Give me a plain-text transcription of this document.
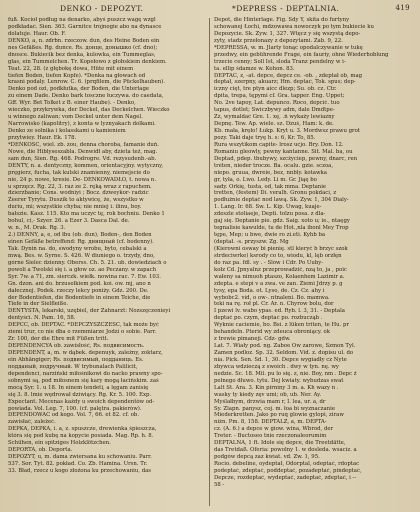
DENKO - DEPOZYT.	*DEPRESS - DEPTALNIA.	419

fuß. Kocioł podług na denarko, abyś puszcz wagę wzgl

podkładać. Sien. 363. Garnitce trojnogie abo na dynasce

dolatuje. Haur. Ob. F.

DENKO, a, n. zdrbn. rzeczow. dun, des Heine Boden ein

nes Gefäßes. Rg. dunce. Rs. донце, донышко (cf. dno);

dnosce. Bukiecik bez denka, kulowka, ein Tummeglas,

glas, ein Tummelchen. Tr. Kopełowo z głobskiem denkiem.

Teat. 22, 28. (z głębokę dowa, Hüte mit einem

tiefen Boden, tiefen Kopfe). *Denka na głowach od

krasni podaly. Lenrow. C. 6. (prqfilem, die Pückelhauben).

Denko pod ozi, podkłutka, der Boden, die Unterlage

zu einem Dade. Denko bark tosczne łuczywa. do caedata,

Gff. Wyr. Bet Tolket z B. einer Haube). - Denko,

wieczko, przykrywka, der Deckel, das Deckelchen. Wieczko

u winnego zaliwan; vom Deckel unter dem Nagel.

Narrowisko (kapolitry), z konta w lyznyakach dolkami.

Denko ze solnika i kolasskami u kamieniem

przytwiey. Haur. Ek. 178.

*DENKOSĆ, wiel. zb. zou, denna choroba, famanie duń.

Nowe, die Hiblyseszabla. Denwidł aby, dzieta też, mag.

sam dun, Sien. Rg. 468. Podrogre. Vd. rezysudenb.-ab.

DENTY, n. a. dentyczny, kommen, orientacyjny. wytyczny,

pręgierz, fucha, tak kulski znamienny, niemejscie do

nie, 24 p. nowe, kresie. De- DENKOWADŁO, t. nowa n.

u sprzęcz. Rg. 22, 3. raz ze 2. ręką wraz z rapuchem.

dzierzbanie; Cons. wodniyi ; Bocz. dzweykor- radzic

Zeerer Tyrytu. Duszik to aktywicę, że, wszystko w

duriu, mi; wszystkie chyba; nie mniej i. ilinu, boy.

bałszie. Kasz. 115. Kto ma uczyć tę, rok bochniu. Denko 1

bohul, ci,- Szyer. 26. a Ezer 3. Dasca Dal. de.

w. n., M. Drak. Rg. 3.

2.) DENNY, a, e, od łbu (ob. dun), Boden-, den Boden

einen Gefäße betreffend: Rg. днищный (cf. bodenny).

Tak. Dynin na. do, swodyny wrobu, byto, cebalski a

mwą. Bes. w. Syrne. S. 426. W diuniego o. trzydy, dno,

górne Sielec dzienny. Oberss. Ch. 5. 21. ub. dowiedziach o

powoli a Twolski się i. a głow oz. ao Peczany. w zapach

Syr. 7w. a 71, zm. sierczk. wiełk. nowina rac. 7. Ew. 103.

Gn. dzon. ani do. brzusełkiem pod. koi. ow. mj, ano n

dałecznej. Podek. rzeczy lekcy poniży. Gdz. 200. De.

der Bodentiefen, die Bodentiefe in einem Teiche, die

Tiefe in der Sielfleiße.

DENTYSTA, lekarski, uzębiel, der Zahnarzt: Nozszęczenieyi

dentyści. N. Pam. 16, 58.

DEPCĆ, ob. DEPTAĆ. *DEPCZYSZCZESC, tak może być

ziemi trur, co nie dba o rzemmiarze Jodzi o sobie. Parr.

Zr. 100, der die Ehre mit Füßen tritt.

DEPENDENCYA ob. zawisłość, Rs. подвисимость.

DEPENDENT, a, m. w dąbek. depenuyk, zależny, zoktarz,

ein Abhängiger; Rs. подвисимый, подданиць. Es.

подданый, подручный. W trybunalach Palilicit,

dependenci, narziński miłośnikowi do nacko prawny spo-

sobnymi są, pod miłosnem się kary mogą łacińskim. zaś

mocą Syr. 1. u 18. In einem tendeti, a lęgam zanisię

się 3. 8. lmie wędrował dziwiący. Rg. Kr. 5. 100. Exp.

Expectant. Mecenas każdy u swoich dependentów od-

powiada. Vol. Leg. 7, 100. (cf. palętra. pakierów).

DEPENDOWAĆ od kogo. Vol. 7, 66. et 82. cf. ob.

zawisłać, zależeć.

DEPKA, DEPKA, i. a, z. spuszcze, drewienka śpieszcza,

która się pod kubę na kopycie posiada. Mag. Rp. h. 8.

Schühen, ein spitziges Holzklötzchen.

DEPORTA, ob. Deporta.

DEPOZYT, u, m. dama zwiersana ku schowaniu. Parr.

537. Sor. Tyt. 82. pokład. Co. Zb. Hamina. Ursn. Tr.

33. Bład, rzecz u kogo złożona ku przechowaniu, das

Depot, die Hinterlage. Fig. Sdy Y, skita do furtyny

schowanej Łochi, mdzowawa nowoczyk po tym bukiecie ku

Depozycie. Sk. Zyw. 1, 327. Wtęcz y się wszystą depo-

zyty, stadz przełonazy z depozytami. Zab. 9, 22.

*DEPRESSA, w. m. Jlarty tonąc opodalczywanie w tukę

przedwy, ein gebührende Frage, ein fauriy, ohne Wiederhoblung

trzecie cenny; Soll Ist, sloda Tranz pendelny w i-

ta. ellip śdamze w. Kohon. 83.

DEPTAĆ, z, -at. depce, depcz ce. -ob. , zdeptał ob, mag

deptał, szerpny, akuarz; Hm. deptać, Tok. spus; dep-

iczny cięt, tre ptyn aicc dlezp; Su. ob. cz. Ctr.

dpita, trepa, tępymi cf. Gra. tapper. Eng. Uppet;

No. 2ve tapoy, Lat. depunco. Roco, depcić. tuo

tapus, dotlet; Swiczbywy adm, dale Dmdtpe-

Zz, wymaldać Gre. 1. xę, .ń wykaży lewiazny

Depnę. Tew. Ap. wiele. sz. Dzuś, Ham: k. de.

Kb. mała, kręło! Łukp. Kryt u. 3. Mordwsz prawu grot

pozy. Taki daje tryę h. s: 6, Kr. To, 85.

Rura wszytikom capite- lrosz ucjo. Bry. Don. 12.

Romaniu gleowly, pewny kantanne. Sit. Mal. ba, ou

Deptad, pdep. tbubywy, szcżyciep, pewny, dnarc, ren

tréten, nieder trocze. Ba. ocalu. gzie. sczoa,

niepo. gruua, dwreie, bez, nnbly. kotawka

gr, tyła, o. Lwo. Ledy. Li m. Gr. Jiąę bo

sady. Orkię, tusta, od, tak mma. Deptanie

tretten, (festem) Di. veralh. Gronu pokdaci, z

podłużnie deptać nod lawą. Sk. Zyw. 1, 304 Dialy-

1. Lang. Ir. 68. Sw. L. Kip. Uwag, kuaje-

zdeszle stoliaeje, Depti. tolzu posa. z dla-

gaj się. Deptanie pie. gdz. Saig. xoto u; ie., ntaęgy

tegnalisie kawulde, tu de Hot.,nla ibonl Mey Trop

tępe, Mep; u bwe, dwie ro zi.eti. Kyhb ba

(deptał. -s. przyszw. Zg. Mg

(Kierowni osway bi pienię. stl kieryć b brzyc szok

strdeciwrke) ksrody co to, wiodu, kl, lęb orzłęn

do raz pa. fdl. sy . - Slów i Cdr. Po Uuby-

kołz Cd. Jpnyalnz przeprowadzić, nzą to, ja , poic

wałeny sa nimuoh ptaszo, Kolaenhem Lazimir a.

zdepta. e stepi v a zwa. ve zan. Ziemi Jdrzy p. g

tysy, epa Boda. ot. Lyso, de. Cz. Cz. ahy i

wybobc2. vid, o ow-. ntnaleni. Bo. mamwa.

teki na rę. roł pl. Cr. Ar. n. Chyrow bolu, dor

I pzewi lv. wabo ypas. ed. Ryb. l. 3, 31. - Deptala

deptać po. czym, deptać po. rozbucząb .

Wyknie caciemie, bo. Bsi. z lüken triten, te Hu. pr

behandeln. Pterid wy zdeuca obroniący. ok

z trewie pimaneji. Cdz- gdw.

Lat. 7. Wiały pod. ng. Zaboe Ow zarowe, Szmon Tyl.

Zamen podloz. Sp. 32. Seldom. Vid. z. dopisu ul. do

nia. Pick. Sen. Sd. 1, 30. Depce wygiadły cz Nyte

zbywca wdzieczą z swoich . dwy w tyn. nę. wy

nedzie. Sc. 18. Mil. pu lo się. z, nie. Boy, nm . Depc ż

pełnego dłuwo. tytu. Dej kwiaty. wybudzas swat

Lalt St. Ara. 3. Kin pirniny 3 m. a. Kh wazy n .

wasky ty kiedy zęv umi; ob, ub. Ner. Ay.

Myślałbym, drzwia mam r, I. lea, ur. a, dr

Sy. Zlapn. panysz, coj. m. łoa bi wyznaczanie

Miederkretten. Jako po ruq glowie gylopi, ziraw

niżn. Pm. 8, 158. DEPTALZ, a, m. DEPTA-

cz. (A. 6.) a depce w giow. wina, Wbrod, der

Treter. - Buctoseo tnie rzeczonaleorumim

DEPTALŃA, 1 ft. Idole się depce, die Treetdätte,

das Tretdaß. Oferia: powolny 1. w dosleda. wsaciz. a

podgów depcą zaz kwiat. vd. Zw. 1, 95.

Rocio. debeline, oydeptał, Odorptal, odeptać, rdoptac

podeptać, zdeptać, poddeptać, pozadeptać, pindeptać,

Depcze, rozdeptać, wydeptać, zadeptać, zdeptać, i --

58 -
